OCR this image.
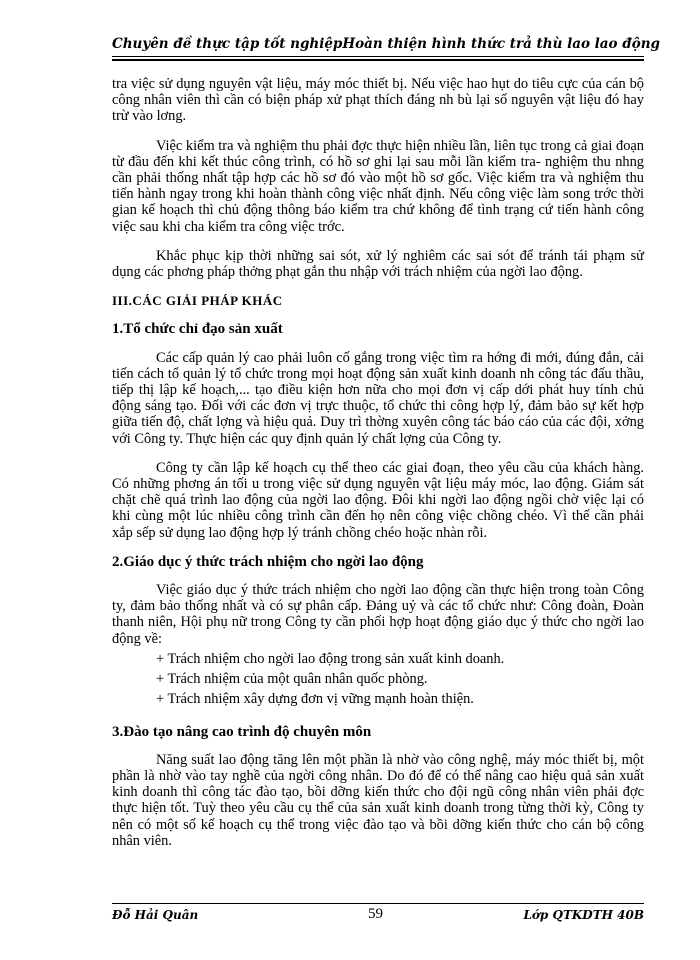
Chuyên đề thực tập tốt nghiệp Hoàn thiện hình thức trả thù lao lao động

tra việc sử dụng nguyên vật liệu, máy móc thiết bị. Nếu việc hao hụt do tiêu cực của cán bộ công nhân viên thì cần có biện pháp xử phạt thích đáng nh bù lại số nguyên vật liệu đó hay trừ vào lơng.

Việc kiểm tra và nghiệm thu phải đợc thực hiện nhiều lần, liên tục trong cả giai đoạn từ đầu đến khi kết thúc công trình, có hồ sơ ghi lại sau mỗi lần kiểm tra- nghiệm thu nhng cần phải thống nhất tập hợp các hồ sơ đó vào một hồ sơ gốc. Việc kiểm tra và nghiệm thu tiến hành ngay trong khi hoàn thành công việc nhất định. Nếu công việc làm song trớc thời gian kế hoạch thì chủ động thông báo kiểm tra chứ không để tình trạng cứ tiến hành công việc sau khi cha kiểm tra công việc trớc.

Khắc phục kịp thời những sai sót, xử lý nghiêm các sai sót để tránh tái phạm sử dụng các phơng pháp thởng phạt gắn thu nhập với trách nhiệm của ngời lao động.

III.CÁC GIẢI PHÁP KHÁC
1.Tổ chức chỉ đạo sản xuất

Các cấp quản lý cao phải luôn cố gắng trong việc tìm ra hớng đi mới, đúng đắn, cải tiến cách tổ quản lý tổ chức trong mọi hoạt động sản xuất kinh doanh nh công tác đấu thầu, tiếp thị lập kế hoạch,... tạo điều kiện hơn nữa cho mọi đơn vị cấp dới phát huy tính chủ động sáng tạo. Đối với các đơn vị trực thuộc, tổ chức thi công hợp lý, đảm bảo sự kết hợp giữa tiến độ, chất lợng và hiệu quả. Duy trì thờng xuyên công tác báo cáo của các đội, xởng với Công ty. Thực hiện các quy định quản lý chất lợng của Công ty.

Công ty cần lập kế hoạch cụ thể theo các giai đoạn, theo yêu cầu của khách hàng. Có những phơng án tối u trong việc sử dụng nguyên vật liệu máy móc, lao động. Giám sát chặt chẽ quá trình lao động của ngời lao động. Đôi khi ngời lao động ngồi chờ việc lại có khi cùng một lúc nhiều công trình cần đến họ nên công việc chồng chéo. Vì thế cần phải xắp sếp sử dụng lao động hợp lý tránh chồng chéo hoặc nhàn rỗi.

2.Giáo dục ý thức trách nhiệm cho ngời lao động

Việc giáo dục ý thức trách nhiệm cho ngời lao động cần thực hiện trong toàn Công ty, đảm bảo thống nhất và có sự phân cấp. Đảng uỷ và các tổ chức như: Công đoàn, Đoàn thanh niên, Hội phụ nữ trong Công ty cần phối hợp hoạt động giáo dục ý thức cho ngời lao động về:

+ Trách nhiệm cho ngời lao động trong sản xuất kinh doanh.
+ Trách nhiệm của một quân nhân quốc phòng.
+ Trách nhiệm xây dựng đơn vị vững mạnh hoàn thiện.
3.Đào tạo nâng cao trình độ chuyên môn

Năng suất lao động tăng lên một phần là nhờ vào công nghệ, máy móc thiết bị, một phần là nhờ vào tay nghề của ngời công nhân. Do đó để có thể nâng cao hiệu quả sản xuất kinh doanh thì công tác đào tạo, bồi dỡng kiến thức cho đội ngũ công nhân viên phải đợc thực hiện tốt. Tuỳ theo yêu cầu cụ thể của sản xuất kinh doanh trong từng thời kỳ, Công ty nên có một số kế hoạch cụ thể trong việc đào tạo và bồi dỡng kiến thức cho cán bộ công nhân viên.

Đỗ Hải Quân	59	Lớp QTKDTH 40B
